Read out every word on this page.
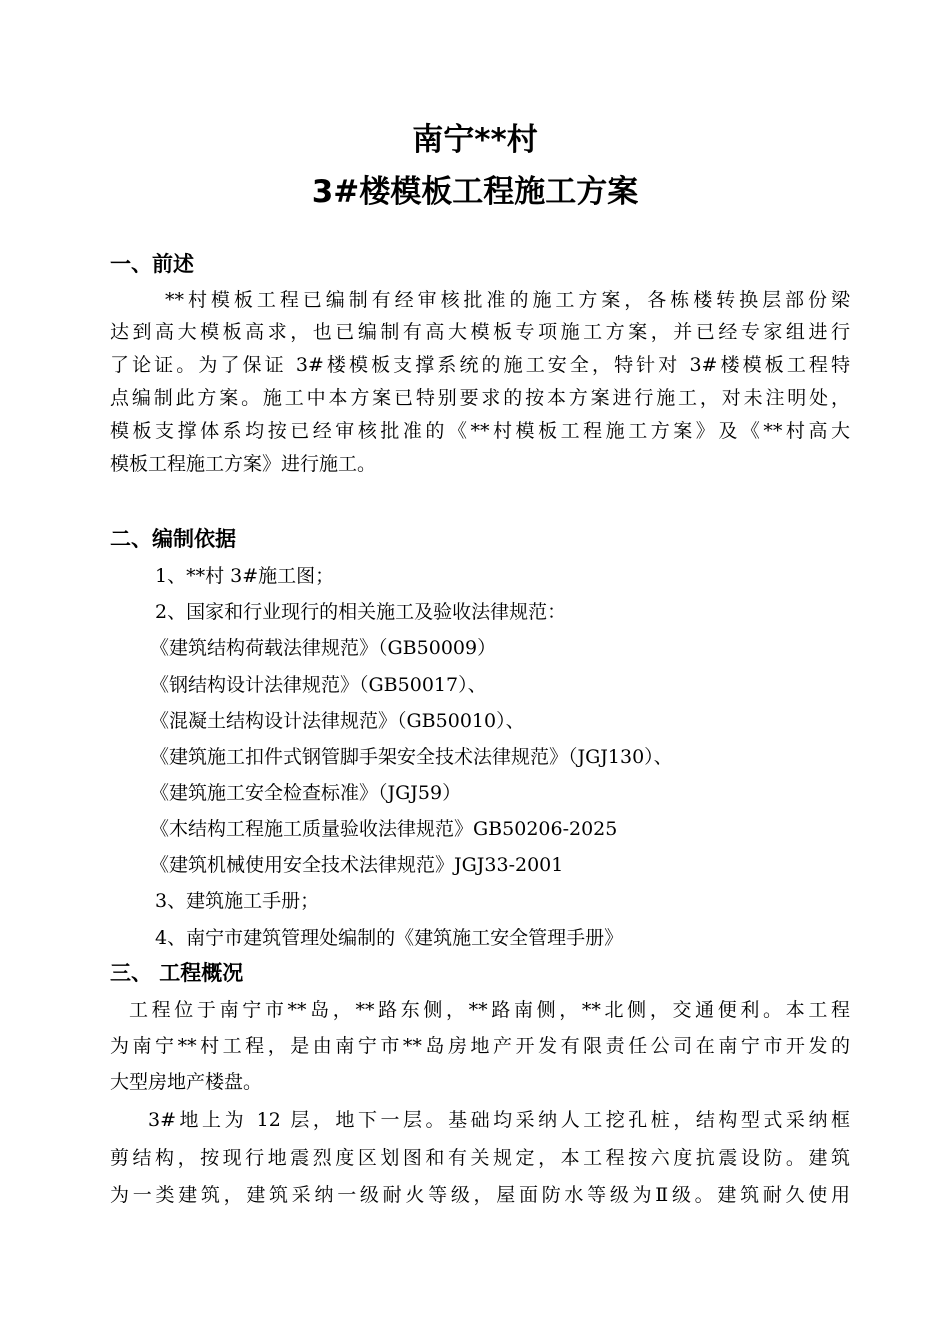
南宁**村
3#楼模板工程施工方案
一、前述
**村模板工程已编制有经审核批准的施工方案，各栋楼转换层部份梁
达到高大模板高求，也已编制有高大模板专项施工方案，并已经专家组进行
了论证。为了保证 3#楼模板支撑系统的施工安全，特针对 3#楼模板工程特
点编制此方案。施工中本方案已特别要求的按本方案进行施工，对未注明处，
模板支撑体系均按已经审核批准的《**村模板工程施工方案》及《**村高大
模板工程施工方案》进行施工。
二、编制依据
1、**村 3#施工图；
2、国家和行业现行的相关施工及验收法律规范：
《建筑结构荷载法律规范》（GB50009）
《钢结构设计法律规范》（GB50017）、
《混凝土结构设计法律规范》（GB50010）、
《建筑施工扣件式钢管脚手架安全技术法律规范》（JGJ130）、
《建筑施工安全检查标准》（JGJ59）
《木结构工程施工质量验收法律规范》GB50206-2025
《建筑机械使用安全技术法律规范》JGJ33-2001
3、建筑施工手册；
4、南宁市建筑管理处编制的《建筑施工安全管理手册》
三、 工程概况
工程位于南宁市**岛，**路东侧，**路南侧，**北侧，交通便利。本工程
为南宁**村工程，是由南宁市**岛房地产开发有限责任公司在南宁市开发的
大型房地产楼盘。
3#地上为 12 层，地下一层。基础均采纳人工挖孔桩，结构型式采纳框
剪结构，按现行地震烈度区划图和有关规定，本工程按六度抗震设防。建筑
为一类建筑，建筑采纳一级耐火等级，屋面防水等级为Ⅱ级。建筑耐久使用
